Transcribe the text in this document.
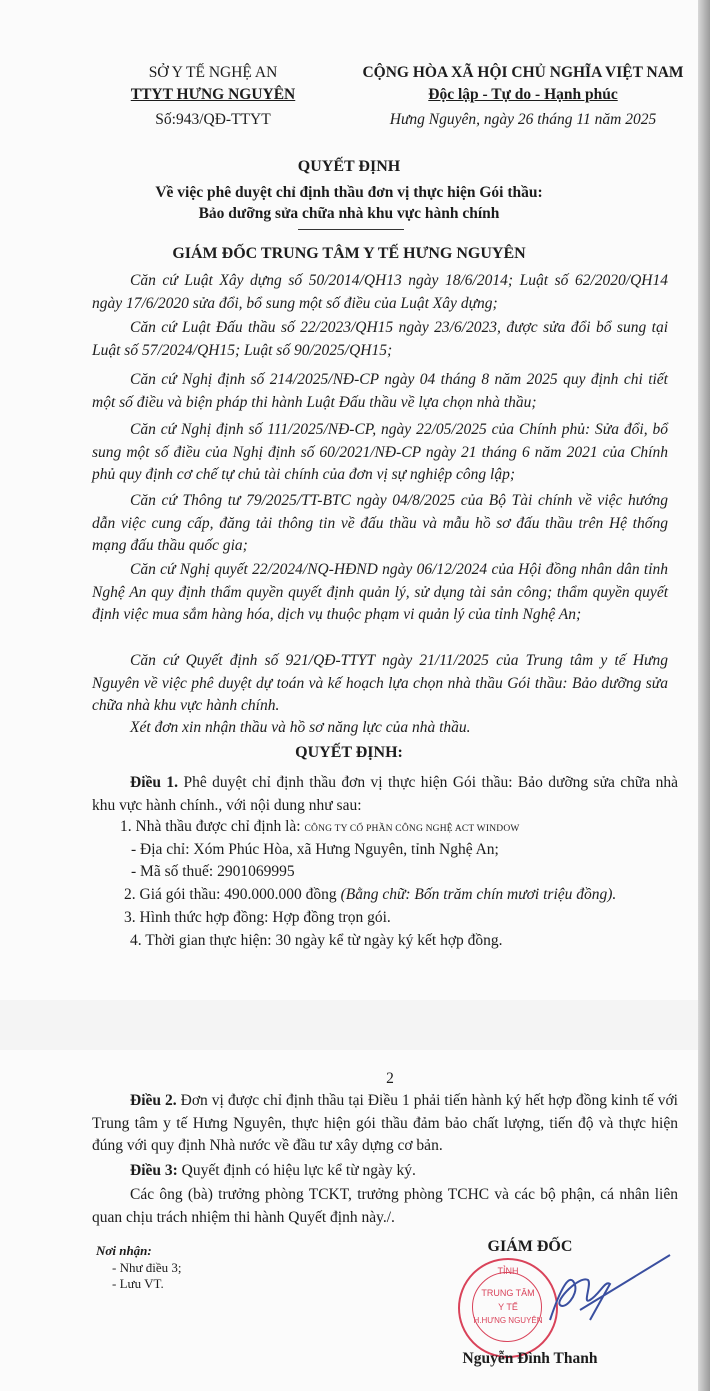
SỞ Y TẾ NGHỆ AN
TTYT HƯNG NGUYÊN
Số:943/QĐ-TTYT
CỘNG HÒA XÃ HỘI CHỦ NGHĨA VIỆT NAM
Độc lập - Tự do - Hạnh phúc
Hưng Nguyên, ngày 26 tháng 11 năm 2025
QUYẾT ĐỊNH
Về việc phê duyệt chỉ định thầu đơn vị thực hiện Gói thầu:
Bảo dưỡng sửa chữa nhà khu vực hành chính
GIÁM ĐỐC TRUNG TÂM Y TẾ HƯNG NGUYÊN
Căn cứ Luật Xây dựng số 50/2014/QH13 ngày 18/6/2014; Luật số 62/2020/QH14 ngày 17/6/2020 sửa đổi, bổ sung một số điều của Luật Xây dựng;
Căn cứ Luật Đấu thầu số 22/2023/QH15 ngày 23/6/2023, được sửa đổi bổ sung tại Luật số 57/2024/QH15; Luật số 90/2025/QH15;
Căn cứ Nghị định số 214/2025/NĐ-CP ngày 04 tháng 8 năm 2025 quy định chi tiết một số điều và biện pháp thi hành Luật Đấu thầu về lựa chọn nhà thầu;
Căn cứ Nghị định số 111/2025/NĐ-CP, ngày 22/05/2025 của Chính phủ: Sửa đổi, bổ sung một số điều của Nghị định số 60/2021/NĐ-CP ngày 21 tháng 6 năm 2021 của Chính phủ quy định cơ chế tự chủ tài chính của đơn vị sự nghiệp công lập;
Căn cứ Thông tư 79/2025/TT-BTC ngày 04/8/2025 của Bộ Tài chính về việc hướng dẫn việc cung cấp, đăng tải thông tin về đấu thầu và mẫu hồ sơ đấu thầu trên Hệ thống mạng đấu thầu quốc gia;
Căn cứ Nghị quyết 22/2024/NQ-HĐND ngày 06/12/2024 của Hội đồng nhân dân tỉnh Nghệ An quy định thẩm quyền quyết định quản lý, sử dụng tài sản công; thẩm quyền quyết định việc mua sắm hàng hóa, dịch vụ thuộc phạm vi quản lý của tỉnh Nghệ An;
Căn cứ Quyết định số 921/QĐ-TTYT ngày 21/11/2025 của Trung tâm y tế Hưng Nguyên về việc phê duyệt dự toán và kế hoạch lựa chọn nhà thầu Gói thầu: Bảo dưỡng sửa chữa nhà khu vực hành chính.
Xét đơn xin nhận thầu và hồ sơ năng lực của nhà thầu.
QUYẾT ĐỊNH:
Điều 1. Phê duyệt chỉ định thầu đơn vị thực hiện Gói thầu: Bảo dưỡng sửa chữa nhà khu vực hành chính., với nội dung như sau:
1. Nhà thầu được chỉ định là: CÔNG TY CỔ PHẦN CÔNG NGHỆ ACT WINDOW
- Địa chỉ: Xóm Phúc Hòa, xã Hưng Nguyên, tỉnh Nghệ An;
- Mã số thuế: 2901069995
2. Giá gói thầu: 490.000.000 đồng (Bằng chữ: Bốn trăm chín mươi triệu đồng).
3. Hình thức hợp đồng: Hợp đồng trọn gói.
4. Thời gian thực hiện: 30 ngày kể từ ngày ký kết hợp đồng.
2
Điều 2. Đơn vị được chỉ định thầu tại Điều 1 phải tiến hành ký hết hợp đồng kinh tế với Trung tâm y tế Hưng Nguyên, thực hiện gói thầu đảm bảo chất lượng, tiến độ và thực hiện đúng với quy định Nhà nước về đầu tư xây dựng cơ bản.
Điều 3: Quyết định có hiệu lực kể từ ngày ký.
Các ông (bà) trưởng phòng TCKT, trưởng phòng TCHC và các bộ phận, cá nhân liên quan chịu trách nhiệm thi hành Quyết định này./.
Nơi nhận:
- Như điều 3;
- Lưu VT.
GIÁM ĐỐC
TỈNH
TRUNG TÂM
Y TẾ
H.HƯNG NGUYÊN
Nguyễn Đình Thanh
